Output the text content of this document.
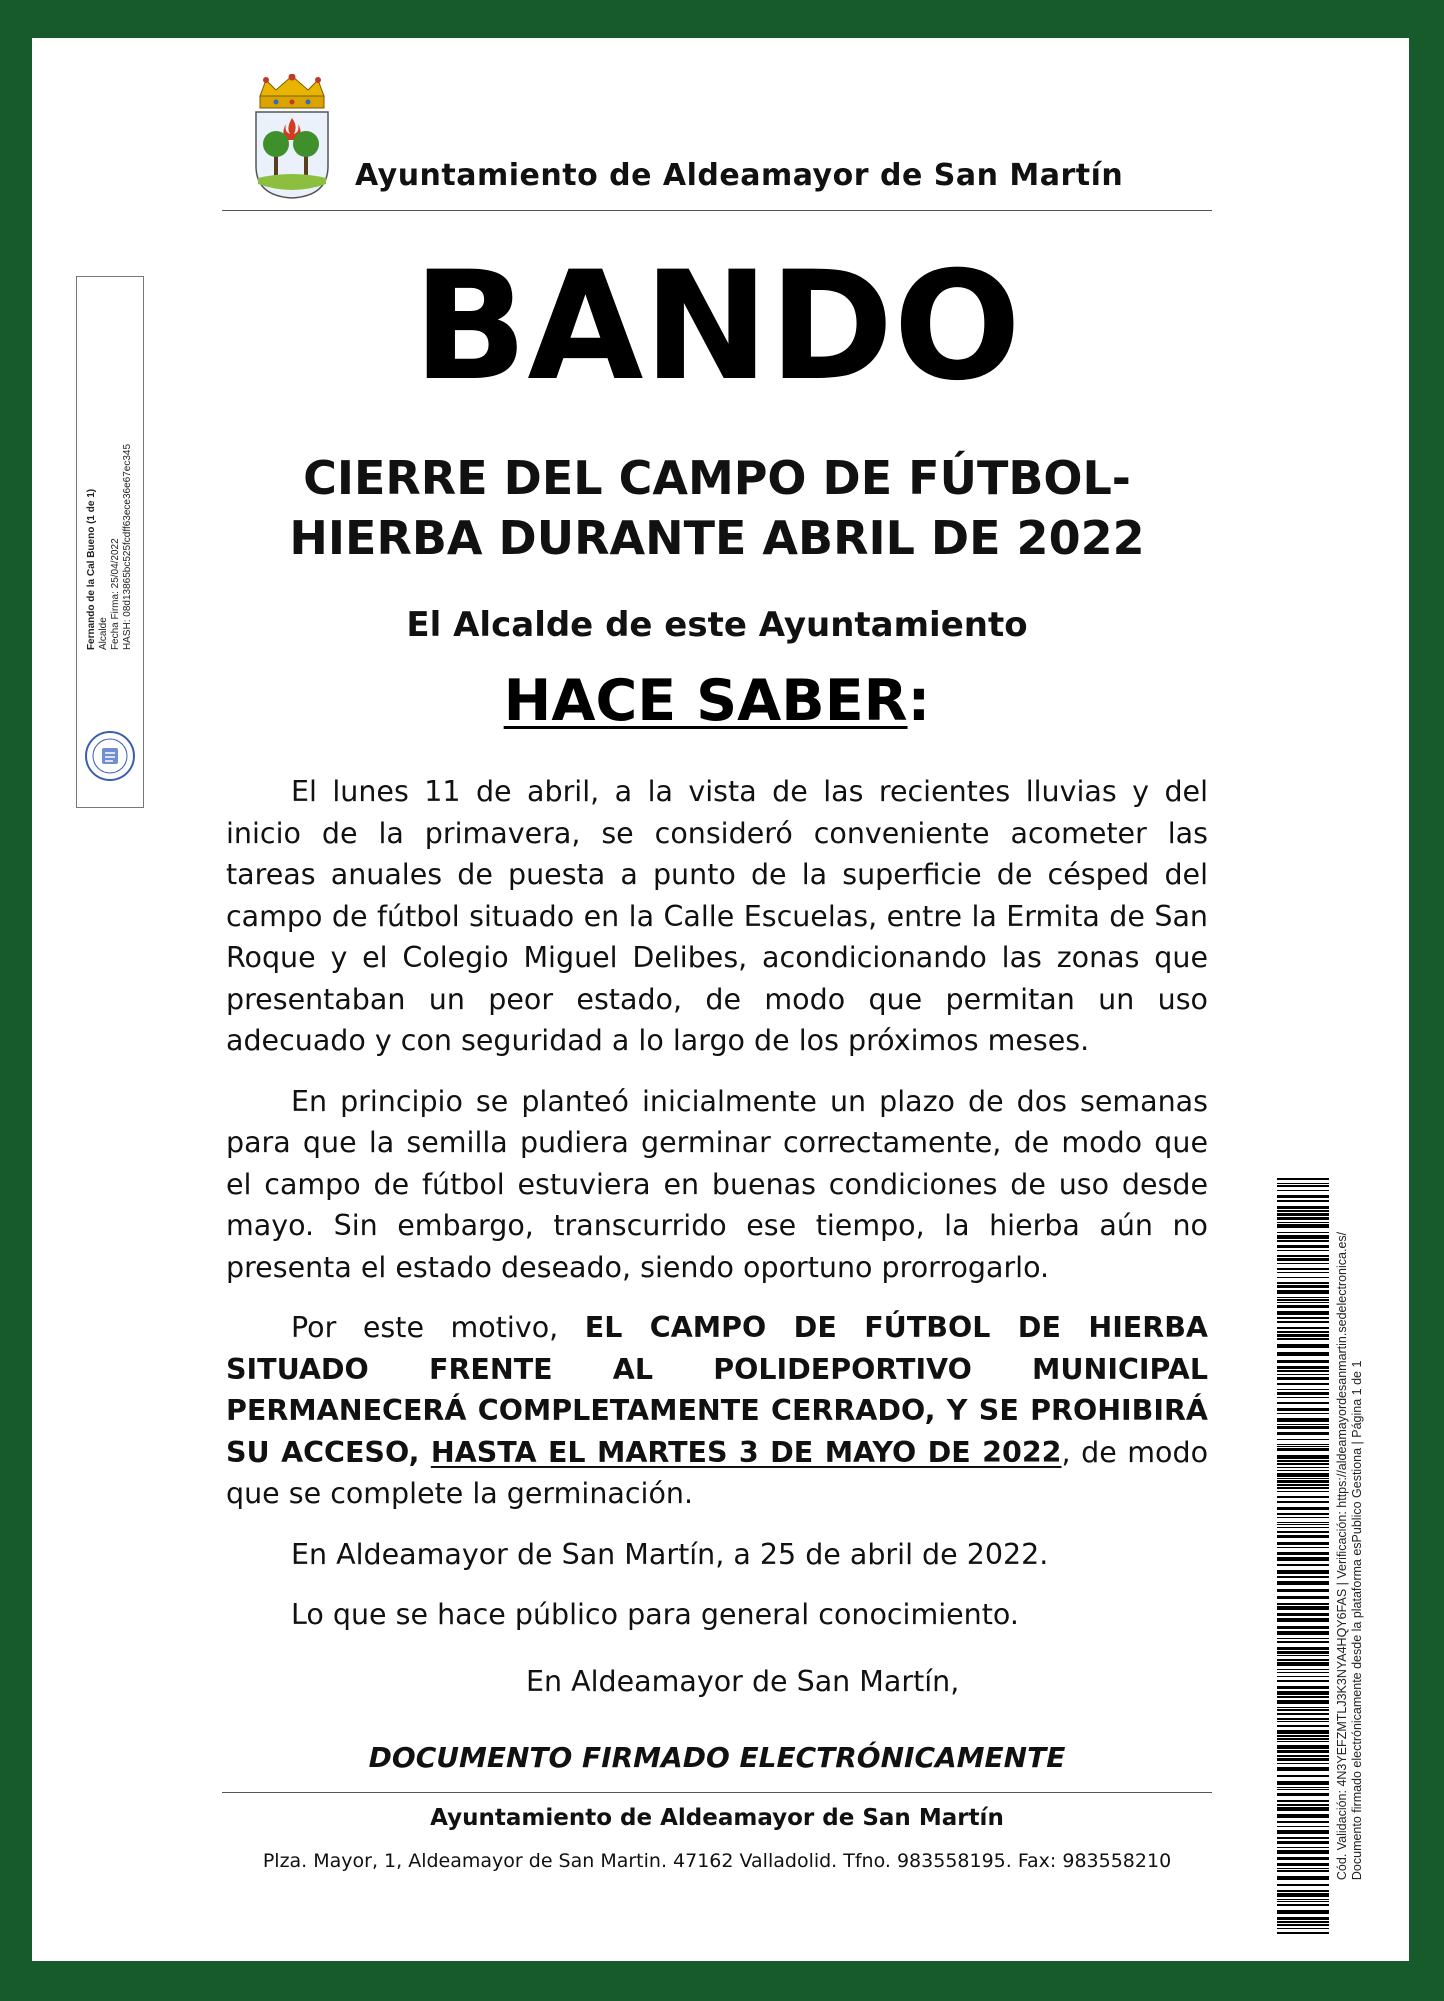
Ayuntamiento de Aldeamayor de San Martín
BANDO
CIERRE DEL CAMPO DE FÚTBOL-
HIERBA DURANTE ABRIL DE 2022
El Alcalde de este Ayuntamiento
HACE SABER:

El lunes 11 de abril, a la vista de las recientes lluvias y del inicio de la primavera, se consideró conveniente acometer las tareas anuales de puesta a punto de la superficie de césped del campo de fútbol situado en la Calle Escuelas, entre la Ermita de San Roque y el Colegio Miguel Delibes, acondicionando las zonas que presentaban un peor estado, de modo que permitan un uso adecuado y con seguridad a lo largo de los próximos meses.

En principio se planteó inicialmente un plazo de dos semanas para que la semilla pudiera germinar correctamente, de modo que el campo de fútbol estuviera en buenas condiciones de uso desde mayo. Sin embargo, transcurrido ese tiempo, la hierba aún no presenta el estado deseado, siendo oportuno prorrogarlo.

Por este motivo, EL CAMPO DE FÚTBOL DE HIERBA SITUADO FRENTE AL POLIDEPORTIVO MUNICIPAL PERMANECERÁ COMPLETAMENTE CERRADO, Y SE PROHIBIRÁ SU ACCESO, HASTA EL MARTES 3 DE MAYO DE 2022, de modo que se complete la germinación.

En Aldeamayor de San Martín, a 25 de abril de 2022.

Lo que se hace público para general conocimiento.

En Aldeamayor de San Martín,
DOCUMENTO FIRMADO ELECTRÓNICAMENTE
Ayuntamiento de Aldeamayor de San Martín
Plza. Mayor, 1, Aldeamayor de San Martin. 47162 Valladolid. Tfno. 983558195. Fax: 983558210
Fernando de la Cal Bueno (1 de 1) Alcalde Fecha Firma: 25/04/2022 HASH: 08d13865bc525fcdff63ece36e67ec345
Cód. Validación: 4N3YEFZMTLJ3K3NYA4HQY6FAS | Verificación: https://aldeamayordesanmartin.sedelectronica.es/ Documento firmado electrónicamente desde la plataforma esPublico Gestiona | Página 1 de 1
